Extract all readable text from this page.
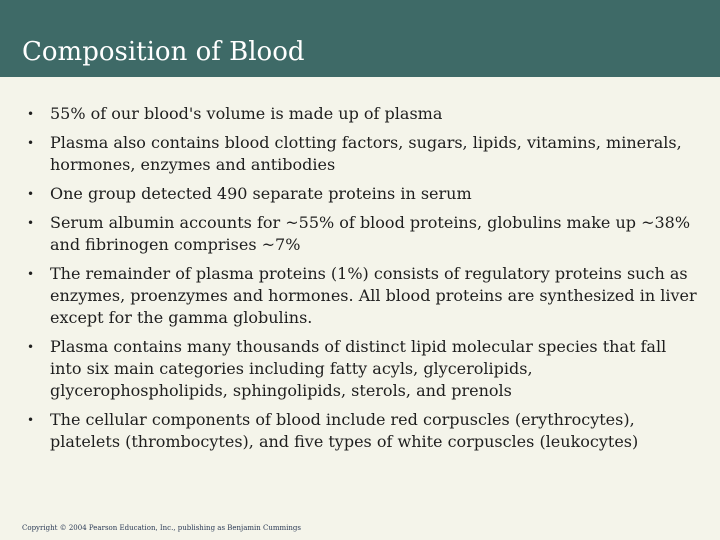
Composition of Blood
• 55% of our blood's volume is made up of plasma
• Plasma also contains blood clotting factors, sugars, lipids, vitamins, minerals, hormones, enzymes and antibodies
• One group detected 490 separate proteins in serum
• Serum albumin accounts for ~55% of blood proteins, globulins make up ~38% and fibrinogen comprises ~7%
• The remainder of plasma proteins (1%) consists of regulatory proteins such as enzymes, proenzymes and hormones. All blood proteins are synthesized in liver except for the gamma globulins.
• Plasma contains many thousands of distinct lipid molecular species that fall into six main categories including fatty acyls, glycerolipids, glycerophospholipids, sphingolipids, sterols, and prenols
• The cellular components of blood include red corpuscles (erythrocytes), platelets (thrombocytes), and five types of white corpuscles (leukocytes)
Copyright © 2004 Pearson Education, Inc., publishing as Benjamin Cummings
